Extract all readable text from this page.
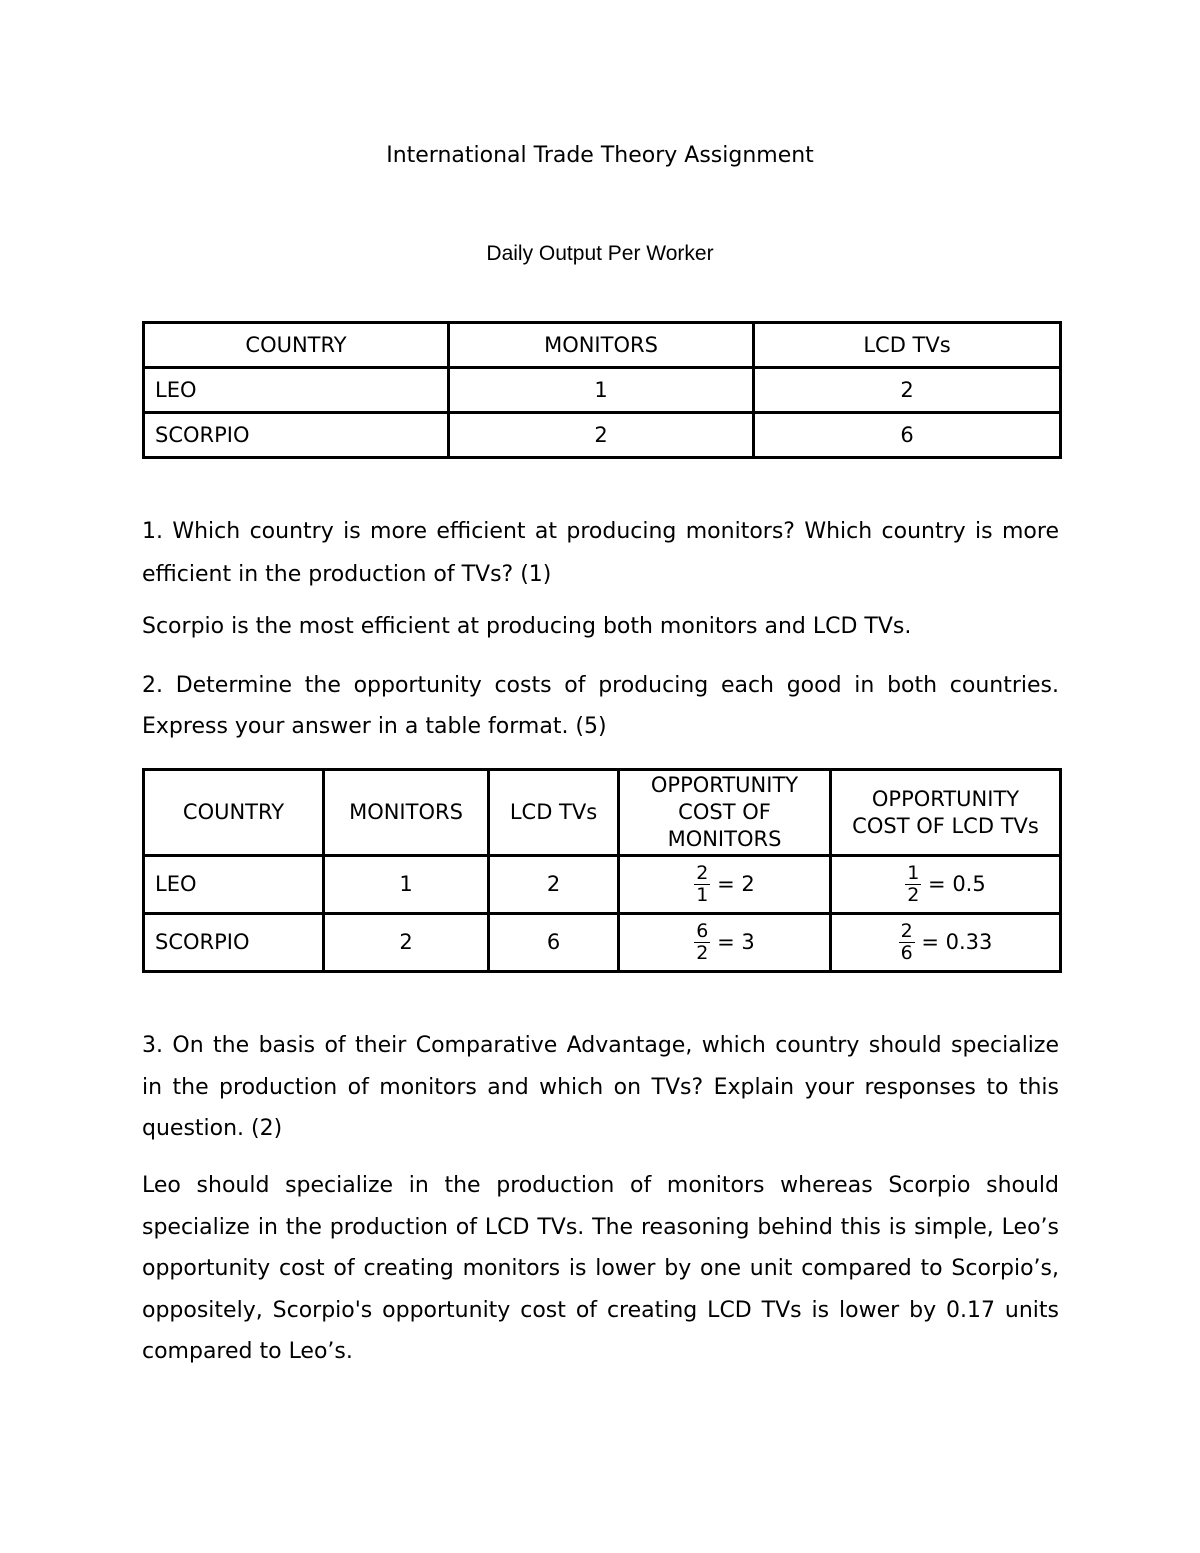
International Trade Theory Assignment
Daily Output Per Worker
COUNTRY	MONITORS	LCD TVs
LEO	1	2
SCORPIO	2	6
1. Which country is more efficient at producing monitors? Which country is more efficient in the production of TVs? (1)
Scorpio is the most efficient at producing both monitors and LCD TVs.
2. Determine the opportunity costs of producing each good in both countries. Express your answer in a table format. (5)
COUNTRY	MONITORS	LCD TVs	OPPORTUNITY COST OF MONITORS	OPPORTUNITY COST OF LCD TVs
LEO	1	2	$\frac{2}{1} = 2$	$\frac{1}{2} = 0.5$
SCORPIO	2	6	$\frac{6}{2} = 3$	$\frac{2}{6} = 0.33$
3. On the basis of their Comparative Advantage, which country should specialize in the production of monitors and which on TVs? Explain your responses to this question. (2)
Leo should specialize in the production of monitors whereas Scorpio should specialize in the production of LCD TVs. The reasoning behind this is simple, Leo’s opportunity cost of creating monitors is lower by one unit compared to Scorpio’s, oppositely, Scorpio's opportunity cost of creating LCD TVs is lower by 0.17 units compared to Leo’s.
